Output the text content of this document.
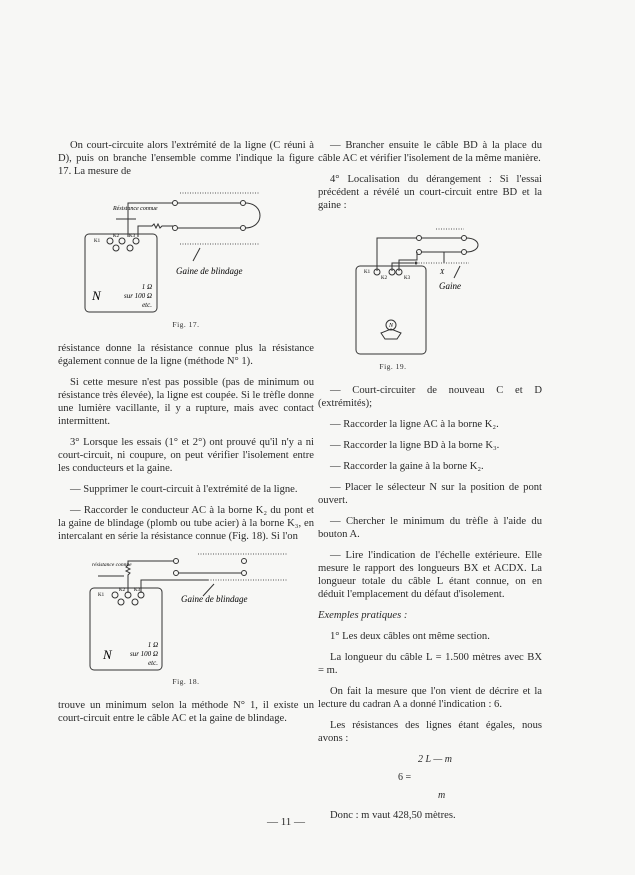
On court-circuite alors l'extrémité de la ligne (C réuni à D), puis on branche l'ensemble comme l'indique la figure 17. La mesure de

Résistance connue
Gaine de blindage
K1
K2 K3
N
1 Ω
sur 100 Ω
etc.
Fig. 17.

résistance donne la résistance connue plus la résistance également connue de la ligne (méthode N° 1).

Si cette mesure n'est pas possible (pas de minimum ou résistance très élevée), la ligne est coupée. Si le trèfle donne une lumière vacillante, il y a rupture, mais avec contact intermittent.

3° Lorsque les essais (1° et 2°) ont prouvé qu'il n'y a ni court-circuit, ni coupure, on peut vérifier l'isolement entre les conducteurs et la gaine.

— Supprimer le court-circuit à l'extrémité de la ligne.

— Raccorder le conducteur AC à la borne K₂ du pont et la gaine de blindage (plomb ou tube acier) à la borne K₃, en intercalant en série la résistance connue (Fig. 18). Si l'on

résistance connue
Gaine de blindage
K1
K2 K3
N
1 Ω
sur 100 Ω
etc.
Fig. 18.

trouve un minimum selon la méthode N° 1, il existe un court-circuit entre le câble AC et la gaine de blindage.

— Brancher ensuite le câble BD à la place du câble AC et vérifier l'isolement de la même manière.

4° Localisation du dérangement : Si l'essai précédent a révélé un court-circuit entre BD et la gaine :

X
Gaine
K1
K2	K3
N
Fig. 19.

— Court-circuiter de nouveau C et D (extrémités);

— Raccorder la ligne AC à la borne K₂.

— Raccorder la ligne BD à la borne K₃.

— Raccorder la gaine à la borne K₂.

— Placer le sélecteur N sur la position de pont ouvert.

— Chercher le minimum du trèfle à l'aide du bouton A.

— Lire l'indication de l'échelle extérieure. Elle mesure le rapport des longueurs BX et ACDX. La longueur totale du câble L étant connue, on en déduit l'emplacement du défaut d'isolement.

Exemples pratiques :

1° Les deux câbles ont même section.

La longueur du câble L = 1.500 mètres avec BX = m.

On fait la mesure que l'on vient de décrire et la lecture du cadran A a donné l'indication : 6.

Les résistances des lignes étant égales, nous avons :

6 =
2 L — m
m

Donc : m vaut 428,50 mètres.

— 11 —
